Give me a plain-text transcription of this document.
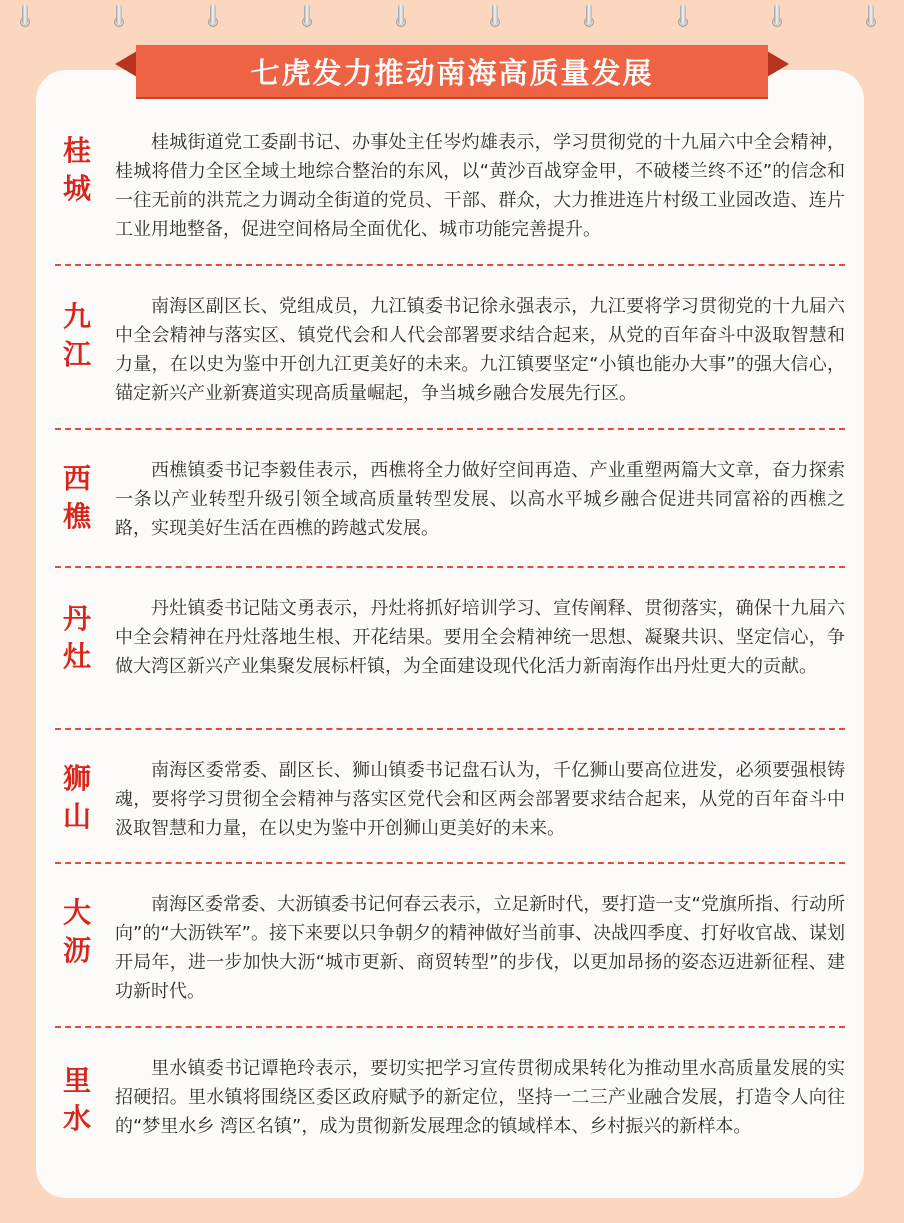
七虎发力推动南海高质量发展
桂
城

桂城街道党工委副书记、办事处主任岑灼雄表示，学习贯彻党的十九届六中全会精神，桂城将借力全区全域土地综合整治的东风，以“黄沙百战穿金甲，不破楼兰终不还”的信念和一往无前的洪荒之力调动全街道的党员、干部、群众，大力推进连片村级工业园改造、连片工业用地整备，促进空间格局全面优化、城市功能完善提升。

九
江

南海区副区长、党组成员，九江镇委书记徐永强表示，九江要将学习贯彻党的十九届六中全会精神与落实区、镇党代会和人代会部署要求结合起来，从党的百年奋斗中汲取智慧和力量，在以史为鉴中开创九江更美好的未来。九江镇要坚定“小镇也能办大事”的强大信心，锚定新兴产业新赛道实现高质量崛起，争当城乡融合发展先行区。

西
樵

西樵镇委书记李毅佳表示，西樵将全力做好空间再造、产业重塑两篇大文章，奋力探索一条以产业转型升级引领全域高质量转型发展、以高水平城乡融合促进共同富裕的西樵之路，实现美好生活在西樵的跨越式发展。

丹
灶

丹灶镇委书记陆文勇表示，丹灶将抓好培训学习、宣传阐释、贯彻落实，确保十九届六中全会精神在丹灶落地生根、开花结果。要用全会精神统一思想、凝聚共识、坚定信心，争做大湾区新兴产业集聚发展标杆镇，为全面建设现代化活力新南海作出丹灶更大的贡献。

狮
山

南海区委常委、副区长、狮山镇委书记盘石认为，千亿狮山要高位进发，必须要强根铸魂，要将学习贯彻全会精神与落实区党代会和区两会部署要求结合起来，从党的百年奋斗中汲取智慧和力量，在以史为鉴中开创狮山更美好的未来。

大
沥

南海区委常委、大沥镇委书记何春云表示，立足新时代，要打造一支“党旗所指、行动所向”的“大沥铁军”。接下来要以只争朝夕的精神做好当前事、决战四季度、打好收官战、谋划开局年，进一步加快大沥“城市更新、商贸转型”的步伐，以更加昂扬的姿态迈进新征程、建功新时代。

里
水

里水镇委书记谭艳玲表示，要切实把学习宣传贯彻成果转化为推动里水高质量发展的实招硬招。里水镇将围绕区委区政府赋予的新定位，坚持一二三产业融合发展，打造令人向往的“梦里水乡 湾区名镇”，成为贯彻新发展理念的镇域样本、乡村振兴的新样本。
